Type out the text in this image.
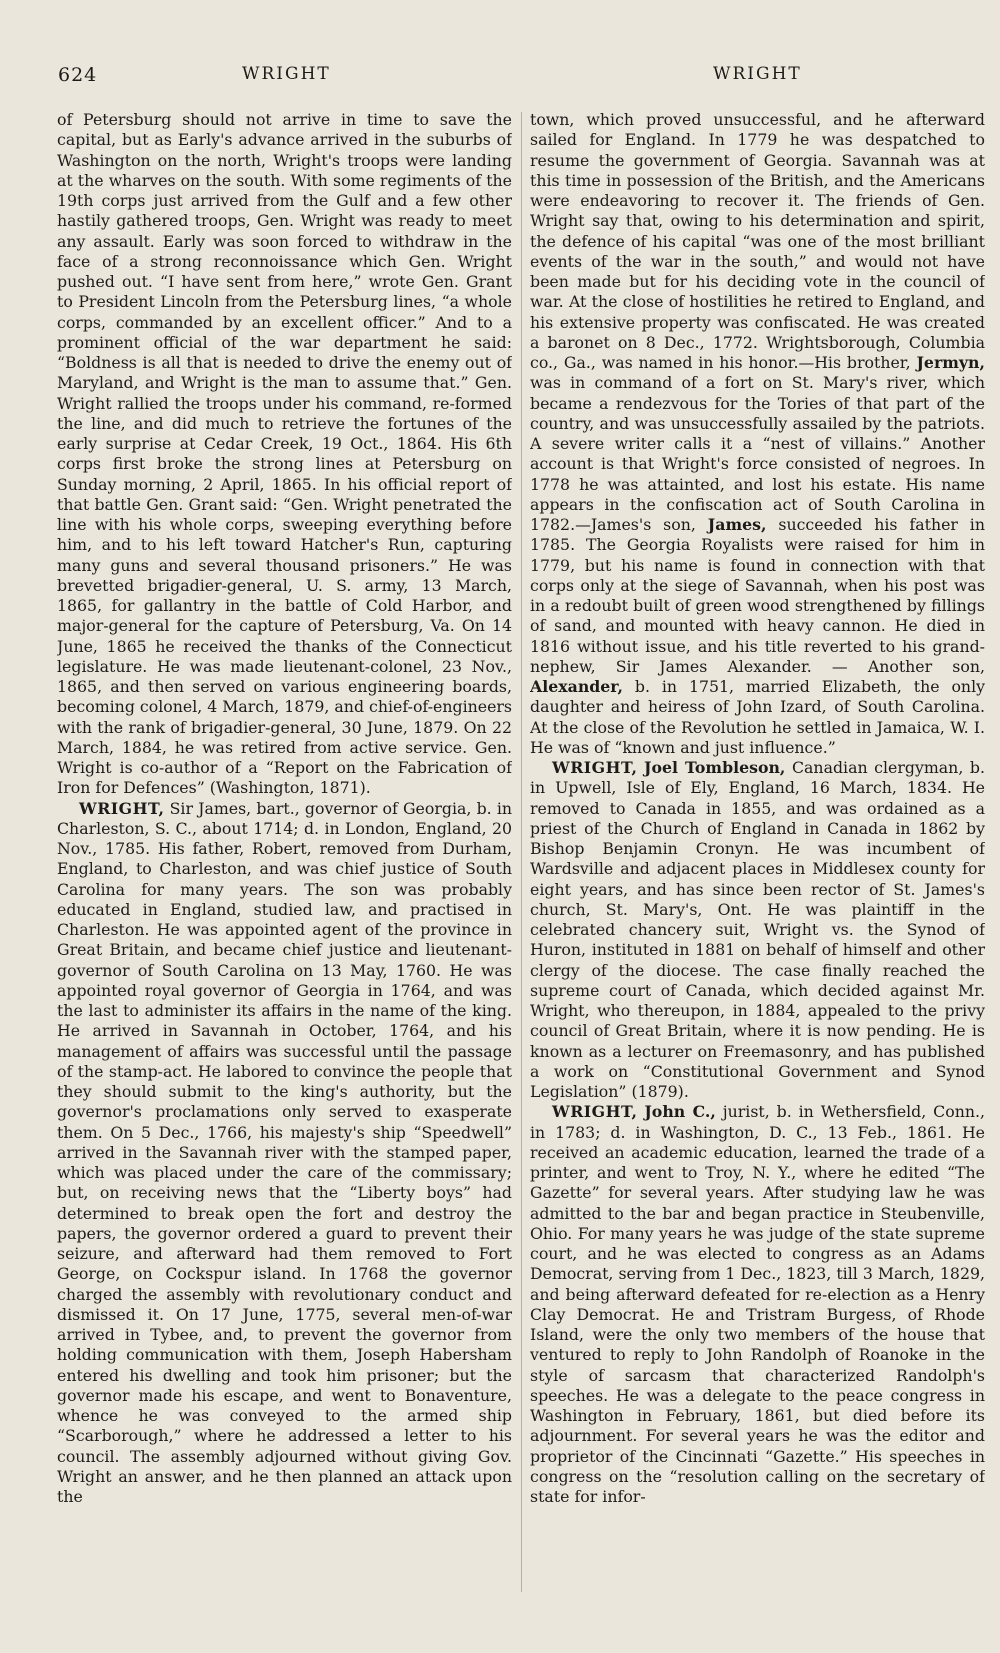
624	WRIGHT	WRIGHT

of Petersburg should not arrive in time to save the capital, but as Early's advance arrived in the suburbs of Washington on the north, Wright's troops were landing at the wharves on the south. With some regiments of the 19th corps just arrived from the Gulf and a few other hastily gathered troops, Gen. Wright was ready to meet any assault. Early was soon forced to withdraw in the face of a strong reconnoissance which Gen. Wright pushed out. “I have sent from here,” wrote Gen. Grant to President Lincoln from the Petersburg lines, “a whole corps, commanded by an excellent officer.” And to a prominent official of the war department he said: “Boldness is all that is needed to drive the enemy out of Maryland, and Wright is the man to assume that.” Gen. Wright rallied the troops under his command, re-formed the line, and did much to retrieve the fortunes of the early surprise at Cedar Creek, 19 Oct., 1864. His 6th corps first broke the strong lines at Petersburg on Sunday morning, 2 April, 1865. In his official report of that battle Gen. Grant said: “Gen. Wright penetrated the line with his whole corps, sweeping everything before him, and to his left toward Hatcher's Run, capturing many guns and several thousand prisoners.” He was brevetted brigadier-general, U. S. army, 13 March, 1865, for gallantry in the battle of Cold Harbor, and major-general for the capture of Petersburg, Va. On 14 June, 1865 he received the thanks of the Connecticut legislature. He was made lieutenant-colonel, 23 Nov., 1865, and then served on various engineering boards, becoming colonel, 4 March, 1879, and chief-of-engineers with the rank of brigadier-general, 30 June, 1879. On 22 March, 1884, he was retired from active service. Gen. Wright is co-author of a “Report on the Fabrication of Iron for Defences” (Washington, 1871).

WRIGHT, Sir James, bart., governor of Georgia, b. in Charleston, S. C., about 1714; d. in London, England, 20 Nov., 1785. His father, Robert, removed from Durham, England, to Charleston, and was chief justice of South Carolina for many years. The son was probably educated in England, studied law, and practised in Charleston. He was appointed agent of the province in Great Britain, and became chief justice and lieutenant-governor of South Carolina on 13 May, 1760. He was appointed royal governor of Georgia in 1764, and was the last to administer its affairs in the name of the king. He arrived in Savannah in October, 1764, and his management of affairs was successful until the passage of the stamp-act. He labored to convince the people that they should submit to the king's authority, but the governor's proclamations only served to exasperate them. On 5 Dec., 1766, his majesty's ship “Speedwell” arrived in the Savannah river with the stamped paper, which was placed under the care of the commissary; but, on receiving news that the “Liberty boys” had determined to break open the fort and destroy the papers, the governor ordered a guard to prevent their seizure, and afterward had them removed to Fort George, on Cockspur island. In 1768 the governor charged the assembly with revolutionary conduct and dismissed it. On 17 June, 1775, several men-of-war arrived in Tybee, and, to prevent the governor from holding communication with them, Joseph Habersham entered his dwelling and took him prisoner; but the governor made his escape, and went to Bonaventure, whence he was conveyed to the armed ship “Scarborough,” where he addressed a letter to his council. The assembly adjourned without giving Gov. Wright an answer, and he then planned an attack upon the

town, which proved unsuccessful, and he afterward sailed for England. In 1779 he was despatched to resume the government of Georgia. Savannah was at this time in possession of the British, and the Americans were endeavoring to recover it. The friends of Gen. Wright say that, owing to his determination and spirit, the defence of his capital “was one of the most brilliant events of the war in the south,” and would not have been made but for his deciding vote in the council of war. At the close of hostilities he retired to England, and his extensive property was confiscated. He was created a baronet on 8 Dec., 1772. Wrightsborough, Columbia co., Ga., was named in his honor.—His brother, Jermyn, was in command of a fort on St. Mary's river, which became a rendezvous for the Tories of that part of the country, and was unsuccessfully assailed by the patriots. A severe writer calls it a “nest of villains.” Another account is that Wright's force consisted of negroes. In 1778 he was attainted, and lost his estate. His name appears in the confiscation act of South Carolina in 1782.—James's son, James, succeeded his father in 1785. The Georgia Royalists were raised for him in 1779, but his name is found in connection with that corps only at the siege of Savannah, when his post was in a redoubt built of green wood strengthened by fillings of sand, and mounted with heavy cannon. He died in 1816 without issue, and his title reverted to his grand-nephew, Sir James Alexander. — Another son, Alexander, b. in 1751, married Elizabeth, the only daughter and heiress of John Izard, of South Carolina. At the close of the Revolution he settled in Jamaica, W. I. He was of “known and just influence.”

WRIGHT, Joel Tombleson, Canadian clergyman, b. in Upwell, Isle of Ely, England, 16 March, 1834. He removed to Canada in 1855, and was ordained as a priest of the Church of England in Canada in 1862 by Bishop Benjamin Cronyn. He was incumbent of Wardsville and adjacent places in Middlesex county for eight years, and has since been rector of St. James's church, St. Mary's, Ont. He was plaintiff in the celebrated chancery suit, Wright vs. the Synod of Huron, instituted in 1881 on behalf of himself and other clergy of the diocese. The case finally reached the supreme court of Canada, which decided against Mr. Wright, who thereupon, in 1884, appealed to the privy council of Great Britain, where it is now pending. He is known as a lecturer on Freemasonry, and has published a work on “Constitutional Government and Synod Legislation” (1879).

WRIGHT, John C., jurist, b. in Wethersfield, Conn., in 1783; d. in Washington, D. C., 13 Feb., 1861. He received an academic education, learned the trade of a printer, and went to Troy, N. Y., where he edited “The Gazette” for several years. After studying law he was admitted to the bar and began practice in Steubenville, Ohio. For many years he was judge of the state supreme court, and he was elected to congress as an Adams Democrat, serving from 1 Dec., 1823, till 3 March, 1829, and being afterward defeated for re-election as a Henry Clay Democrat. He and Tristram Burgess, of Rhode Island, were the only two members of the house that ventured to reply to John Randolph of Roanoke in the style of sarcasm that characterized Randolph's speeches. He was a delegate to the peace congress in Washington in February, 1861, but died before its adjournment. For several years he was the editor and proprietor of the Cincinnati “Gazette.” His speeches in congress on the “resolution calling on the secretary of state for infor-
